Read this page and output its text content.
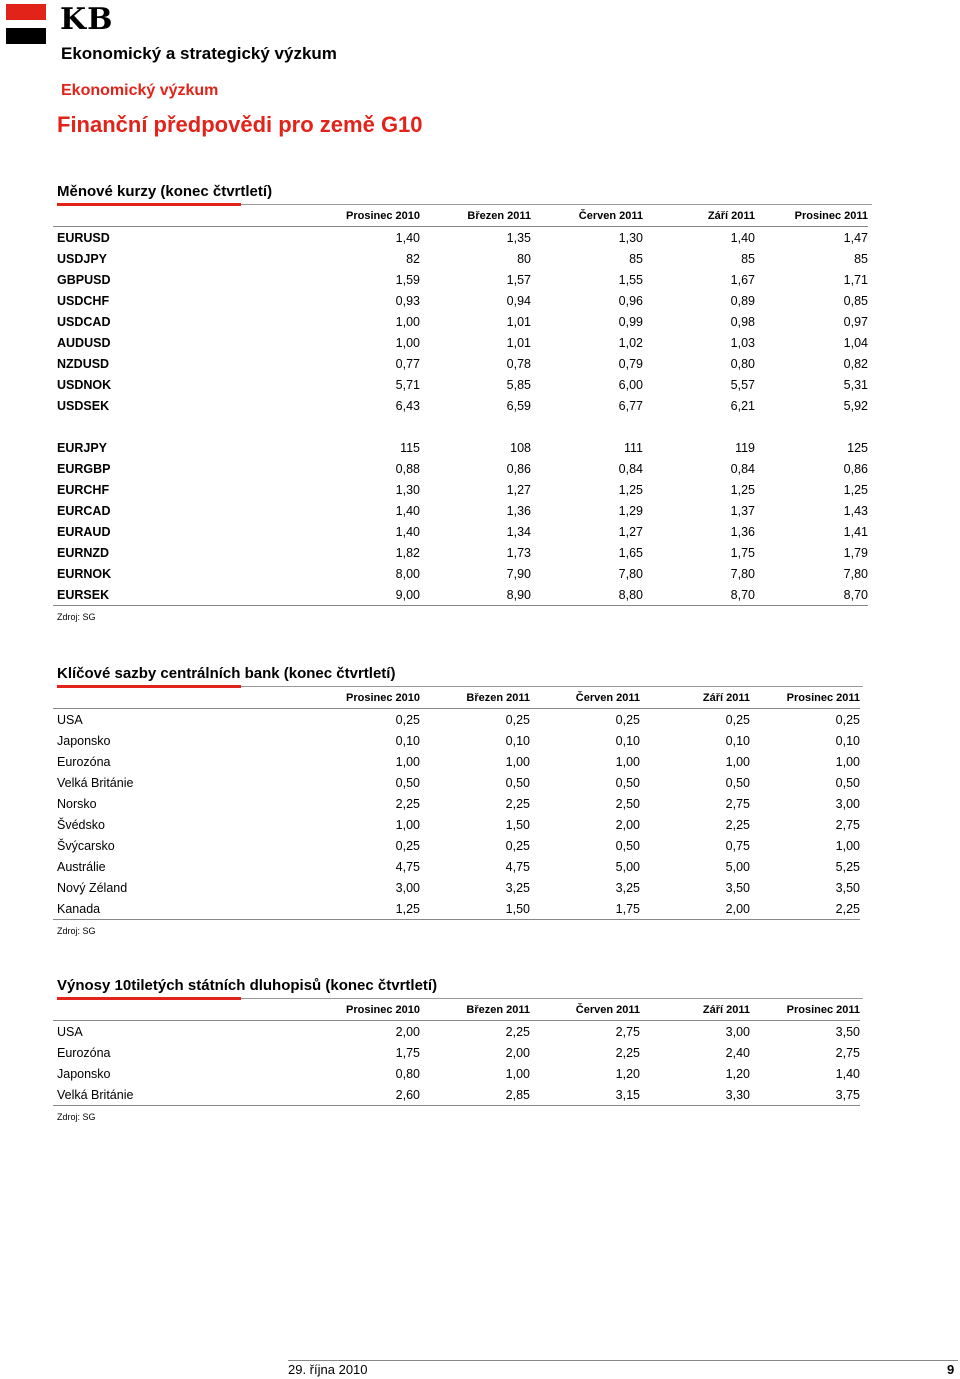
KB
Ekonomický a strategický výzkum
Ekonomický výzkum
Finanční předpovědi pro země G10
Měnové kurzy (konec čtvrtletí)
	Prosinec 2010	Březen 2011	Červen 2011	Září 2011	Prosinec 2011
EURUSD	1,40	1,35	1,30	1,40	1,47
USDJPY	82	80	85	85	85
GBPUSD	1,59	1,57	1,55	1,67	1,71
USDCHF	0,93	0,94	0,96	0,89	0,85
USDCAD	1,00	1,01	0,99	0,98	0,97
AUDUSD	1,00	1,01	1,02	1,03	1,04
NZDUSD	0,77	0,78	0,79	0,80	0,82
USDNOK	5,71	5,85	6,00	5,57	5,31
USDSEK	6,43	6,59	6,77	6,21	5,92

EURJPY	115	108	111	119	125
EURGBP	0,88	0,86	0,84	0,84	0,86
EURCHF	1,30	1,27	1,25	1,25	1,25
EURCAD	1,40	1,36	1,29	1,37	1,43
EURAUD	1,40	1,34	1,27	1,36	1,41
EURNZD	1,82	1,73	1,65	1,75	1,79
EURNOK	8,00	7,90	7,80	7,80	7,80
EURSEK	9,00	8,90	8,80	8,70	8,70
Zdroj: SG
Klíčové sazby centrálních bank (konec čtvrtletí)
	Prosinec 2010	Březen 2011	Červen 2011	Září 2011	Prosinec 2011
USA	0,25	0,25	0,25	0,25	0,25
Japonsko	0,10	0,10	0,10	0,10	0,10
Eurozóna	1,00	1,00	1,00	1,00	1,00
Velká Británie	0,50	0,50	0,50	0,50	0,50
Norsko	2,25	2,25	2,50	2,75	3,00
Švédsko	1,00	1,50	2,00	2,25	2,75
Švýcarsko	0,25	0,25	0,50	0,75	1,00
Austrálie	4,75	4,75	5,00	5,00	5,25
Nový Zéland	3,00	3,25	3,25	3,50	3,50
Kanada	1,25	1,50	1,75	2,00	2,25
Zdroj: SG
Výnosy 10tiletých státních dluhopisů (konec čtvrtletí)
	Prosinec 2010	Březen 2011	Červen 2011	Září 2011	Prosinec 2011
USA	2,00	2,25	2,75	3,00	3,50
Eurozóna	1,75	2,00	2,25	2,40	2,75
Japonsko	0,80	1,00	1,20	1,20	1,40
Velká Británie	2,60	2,85	3,15	3,30	3,75
Zdroj: SG
29. října 2010	9
